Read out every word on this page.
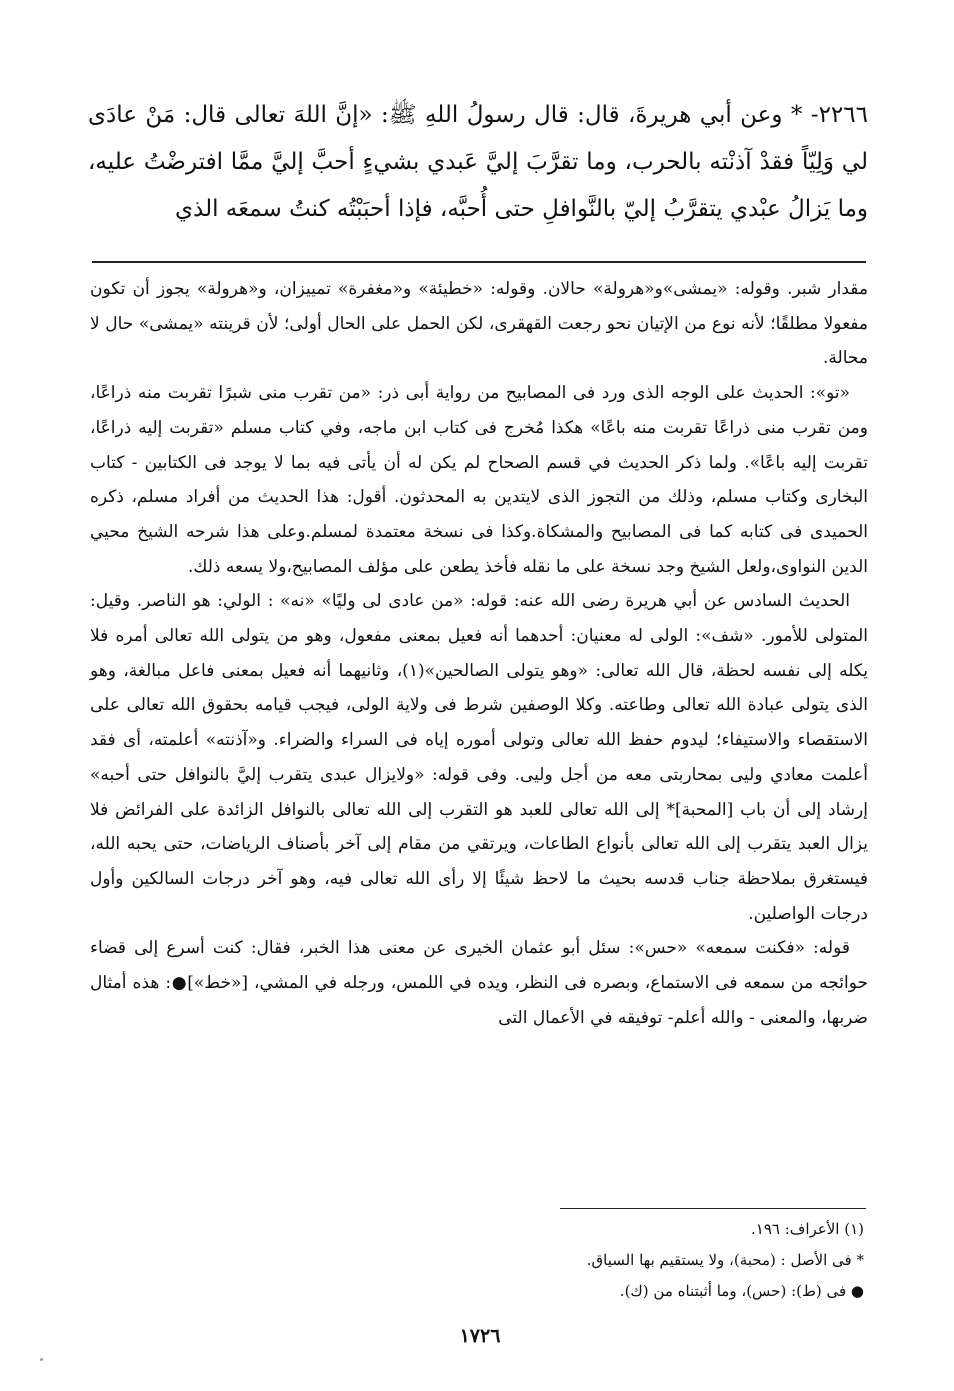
٢٢٦٦- * وعن أبي هريرةَ، قال: قال رسولُ اللهِ ﷺ: «إنَّ اللهَ تعالى قال: مَنْ عادَى لي وَلِيّاً فقدْ آذنْته بالحرب، وما تقرَّبَ إليَّ عَبدي بشيءٍ أحبَّ إليَّ ممَّا افترضْتُ عليه، وما يَزالُ عبْدي يتقرَّبُ إليّ بالنَّوافلِ حتى أُحبَّه، فإذا أحبَبْتُه كنتُ سمعَه الذي

مقدار شبر. وقوله: «يمشى»و«هرولة» حالان. وقوله: «خطيئة» و«مغفرة» تمييزان، و«هرولة» يجوز أن تكون مفعولا مطلقًا؛ لأنه نوع من الإتيان نحو رجعت القهقرى، لكن الحمل على الحال أولى؛ لأن قرينته «يمشى» حال لا محالة.

«تو»: الحديث على الوجه الذى ورد فى المصابيح من رواية أبى ذر: «من تقرب منى شبرًا تقربت منه ذراعًا، ومن تقرب منى ذراعًا تقربت منه باعًا» هكذا مُخرج فى كتاب ابن ماجه، وفي كتاب مسلم «تقربت إليه ذراعًا، تقربت إليه باعًا». ولما ذكر الحديث في قسم الصحاح لم يكن له أن يأتى فيه بما لا يوجد فى الكتابين - كتاب البخارى وكتاب مسلم، وذلك من التجوز الذى لايتدين به المحدثون. أقول: هذا الحديث من أفراد مسلم، ذكره الحميدى فى كتابه كما فى المصابيح والمشكاة.وكذا فى نسخة معتمدة لمسلم.وعلى هذا شرحه الشيخ محيي الدين النواوى،ولعل الشيخ وجد نسخة على ما نقله فأخذ يطعن على مؤلف المصابيح،ولا يسعه ذلك.

الحديث السادس عن أبي هريرة رضى الله عنه: قوله: «من عادى لى وليًا» «نه» : الولي: هو الناصر. وقيل: المتولى للأمور. «شف»: الولى له معنيان: أحدهما أنه فعيل بمعنى مفعول، وهو من يتولى الله تعالى أمره فلا يكله إلى نفسه لحظة، قال الله تعالى: «وهو يتولى الصالحين»(١)، وثانيهما أنه فعيل بمعنى فاعل مبالغة، وهو الذى يتولى عبادة الله تعالى وطاعته. وكلا الوصفين شرط فى ولاية الولى، فيجب قيامه بحقوق الله تعالى على الاستقصاء والاستيفاء؛ ليدوم حفظ الله تعالى وتولى أموره إياه فى السراء والضراء. و«آذنته» أعلمته، أى فقد أعلمت معادي وليى بمحاربتى معه من أجل وليى. وفى قوله: «ولايزال عبدى يتقرب إليَّ بالنوافل حتى أحبه» إرشاد إلى أن باب [المحبة]* إلى الله تعالى للعبد هو التقرب إلى الله تعالى بالنوافل الزائدة على الفرائض فلا يزال العبد يتقرب إلى الله تعالى بأنواع الطاعات، ويرتقي من مقام إلى آخر بأصناف الرياضات، حتى يحبه الله، فيستغرق بملاحظة جناب قدسه بحيث ما لاحظ شيئًا إلا رأى الله تعالى فيه، وهو آخر درجات السالكين وأول درجات الواصلين.

قوله: «فكنت سمعه» «حس»: سئل أبو عثمان الخيرى عن معنى هذا الخبر، فقال: كنت أسرع إلى قضاء حوائجه من سمعه فى الاستماع، وبصره فى النظر، ويده في اللمس، ورجله في المشي، [«خط»]●: هذه أمثال ضربها، والمعنى - والله أعلم- توفيقه في الأعمال التى

(١) الأعراف: ١٩٦.
* فى الأصل : (محبة)، ولا يستقيم بها السياق.
● فى (ط): (حس)، وما أثبتناه من (ك).
١٧٢٦
